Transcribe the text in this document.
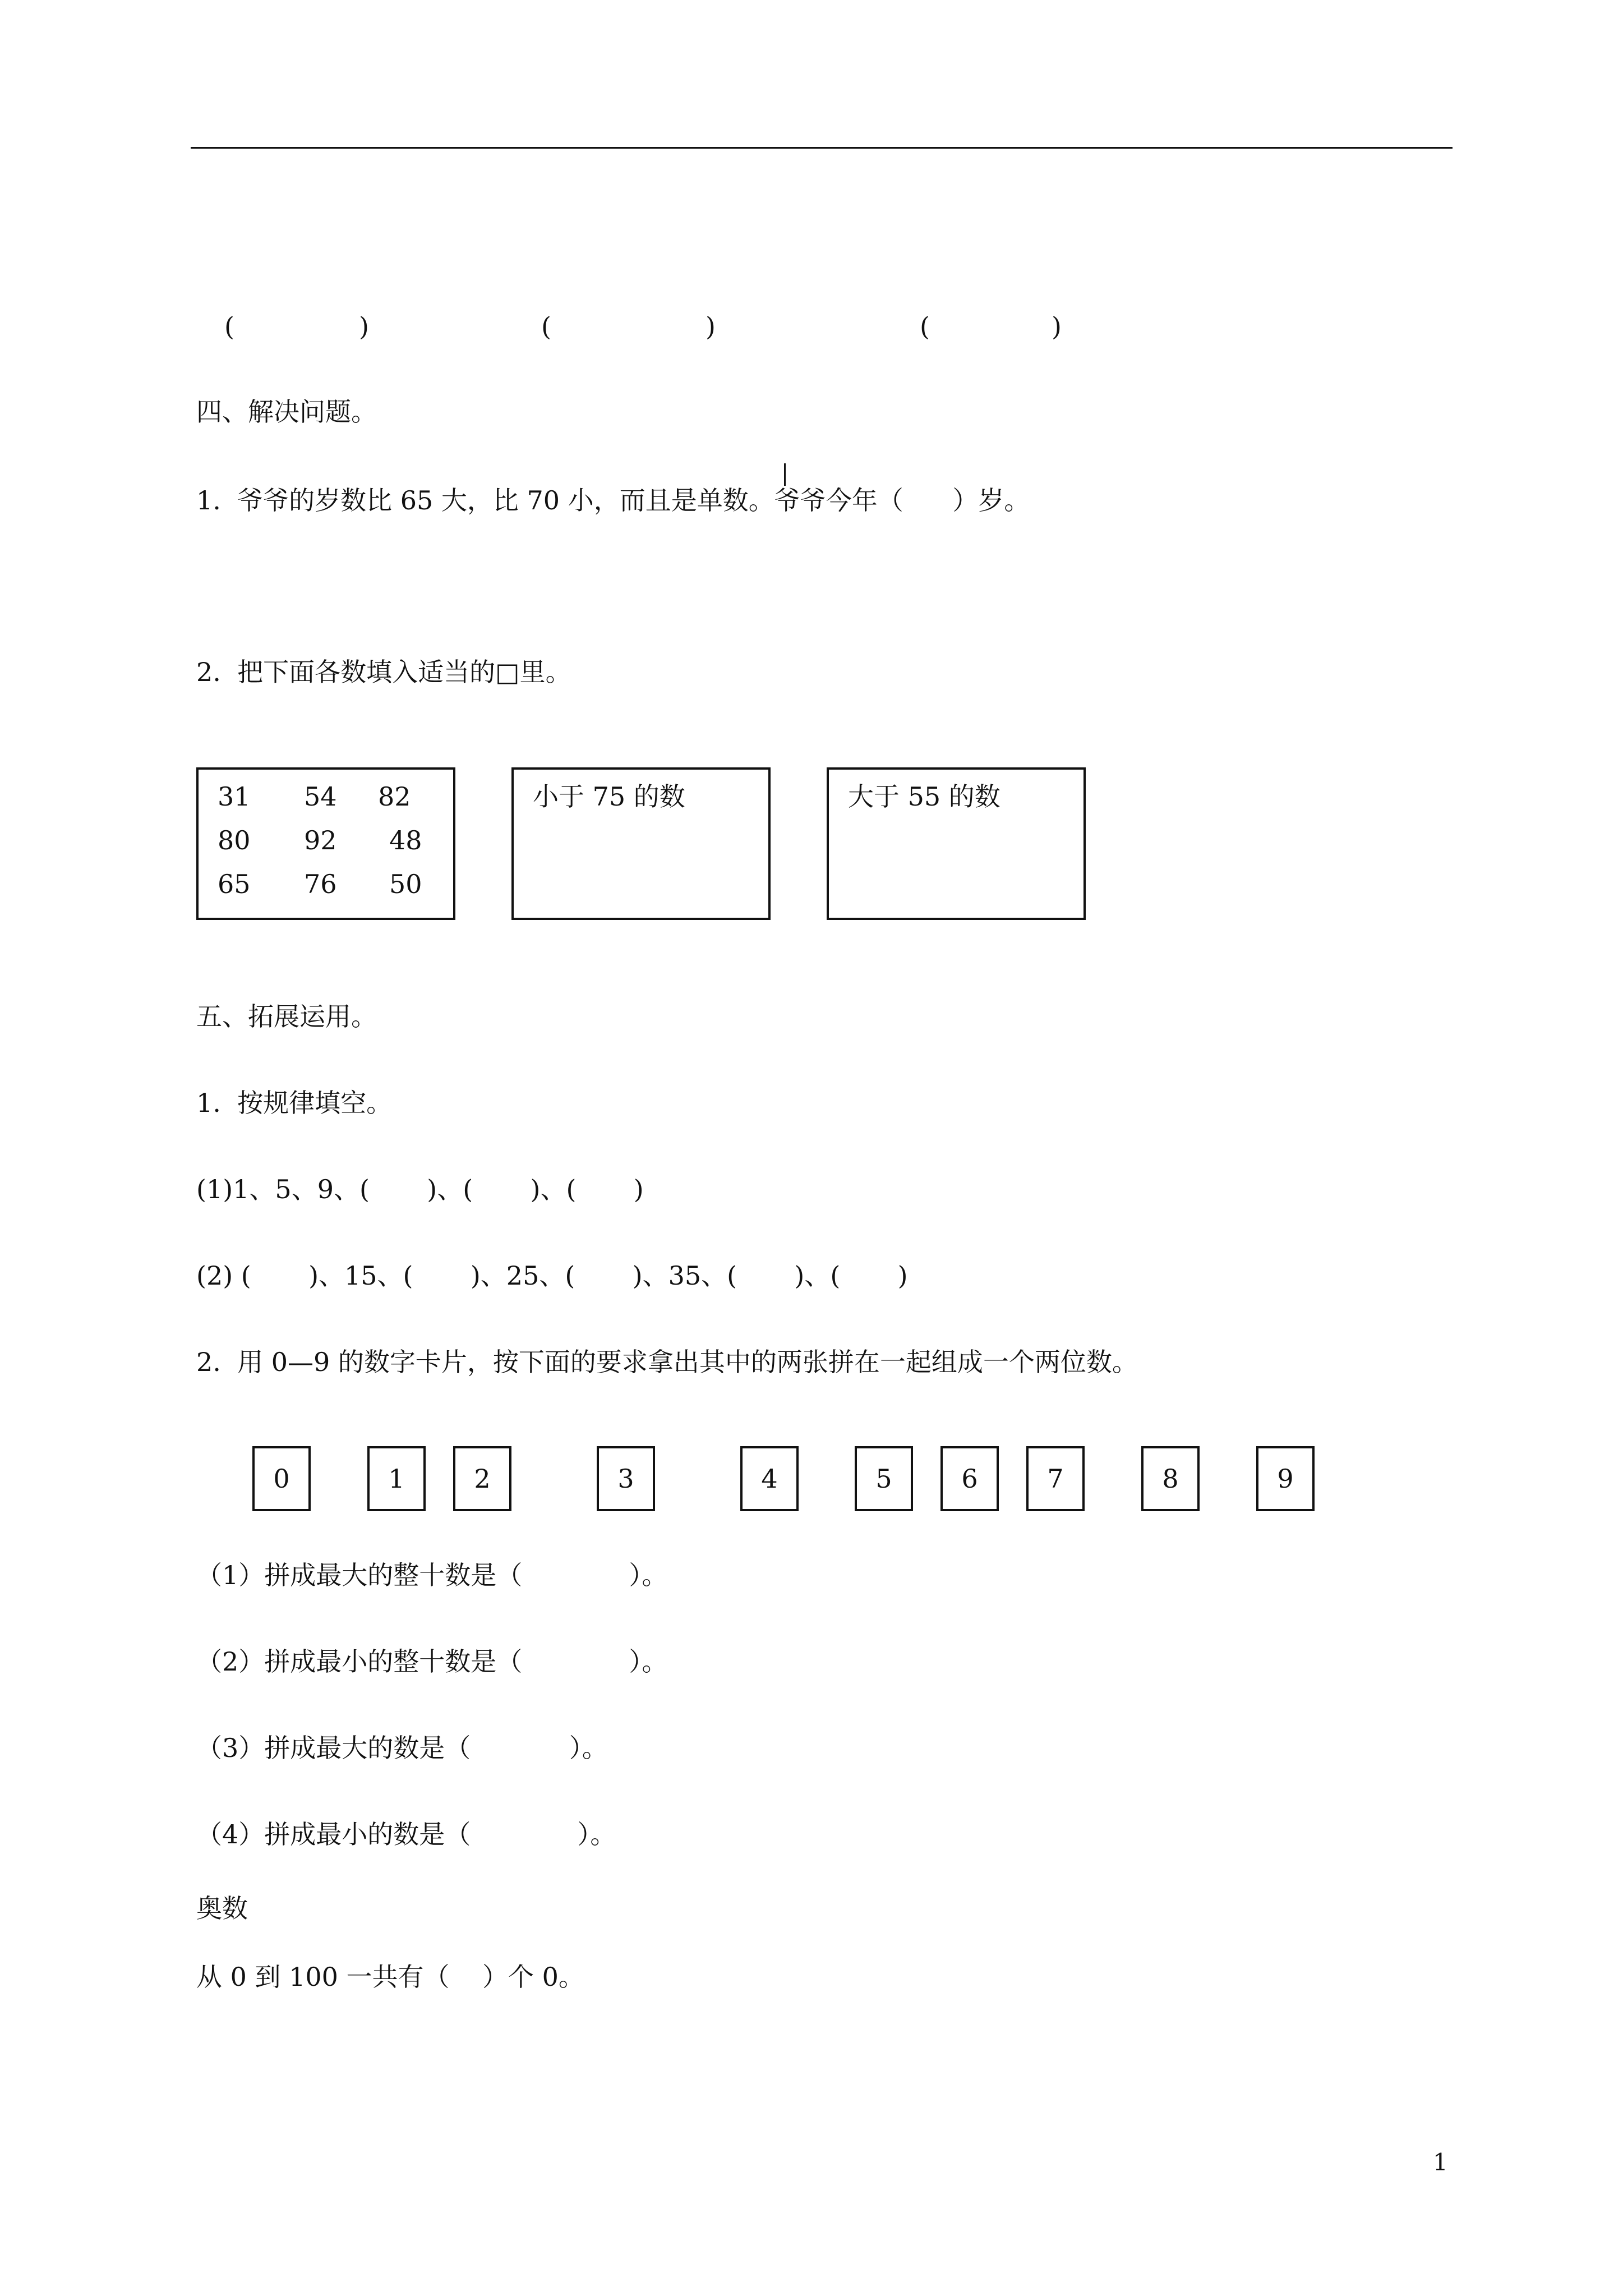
(	)	(	)	(	)
四、解决问题。
1.  爷爷的岁数比 65 大，比 70 小，而且是单数。爷爷今年（      ）岁。
2.  把下面各数填入适当的□里。
31 54 82
80 92 48
65 76 50
小于 75 的数	大于 55 的数
五、拓展运用。
1.  按规律填空。
(1)1、5、9、(       )、(       )、(       )
(2) (       )、15、(       )、25、(       )、35、(       )、(       )
2.  用 0—9 的数字卡片，按下面的要求拿出其中的两张拼在一起组成一个两位数。
0	1	2	3	4	5	6	7	8	9
（1）拼成最大的整十数是（             ）。
（2）拼成最小的整十数是（             ）。
（3）拼成最大的数是（            ）。
（4）拼成最小的数是（             ）。
奥数
从 0 到 100 一共有（    ）个 0。
1
